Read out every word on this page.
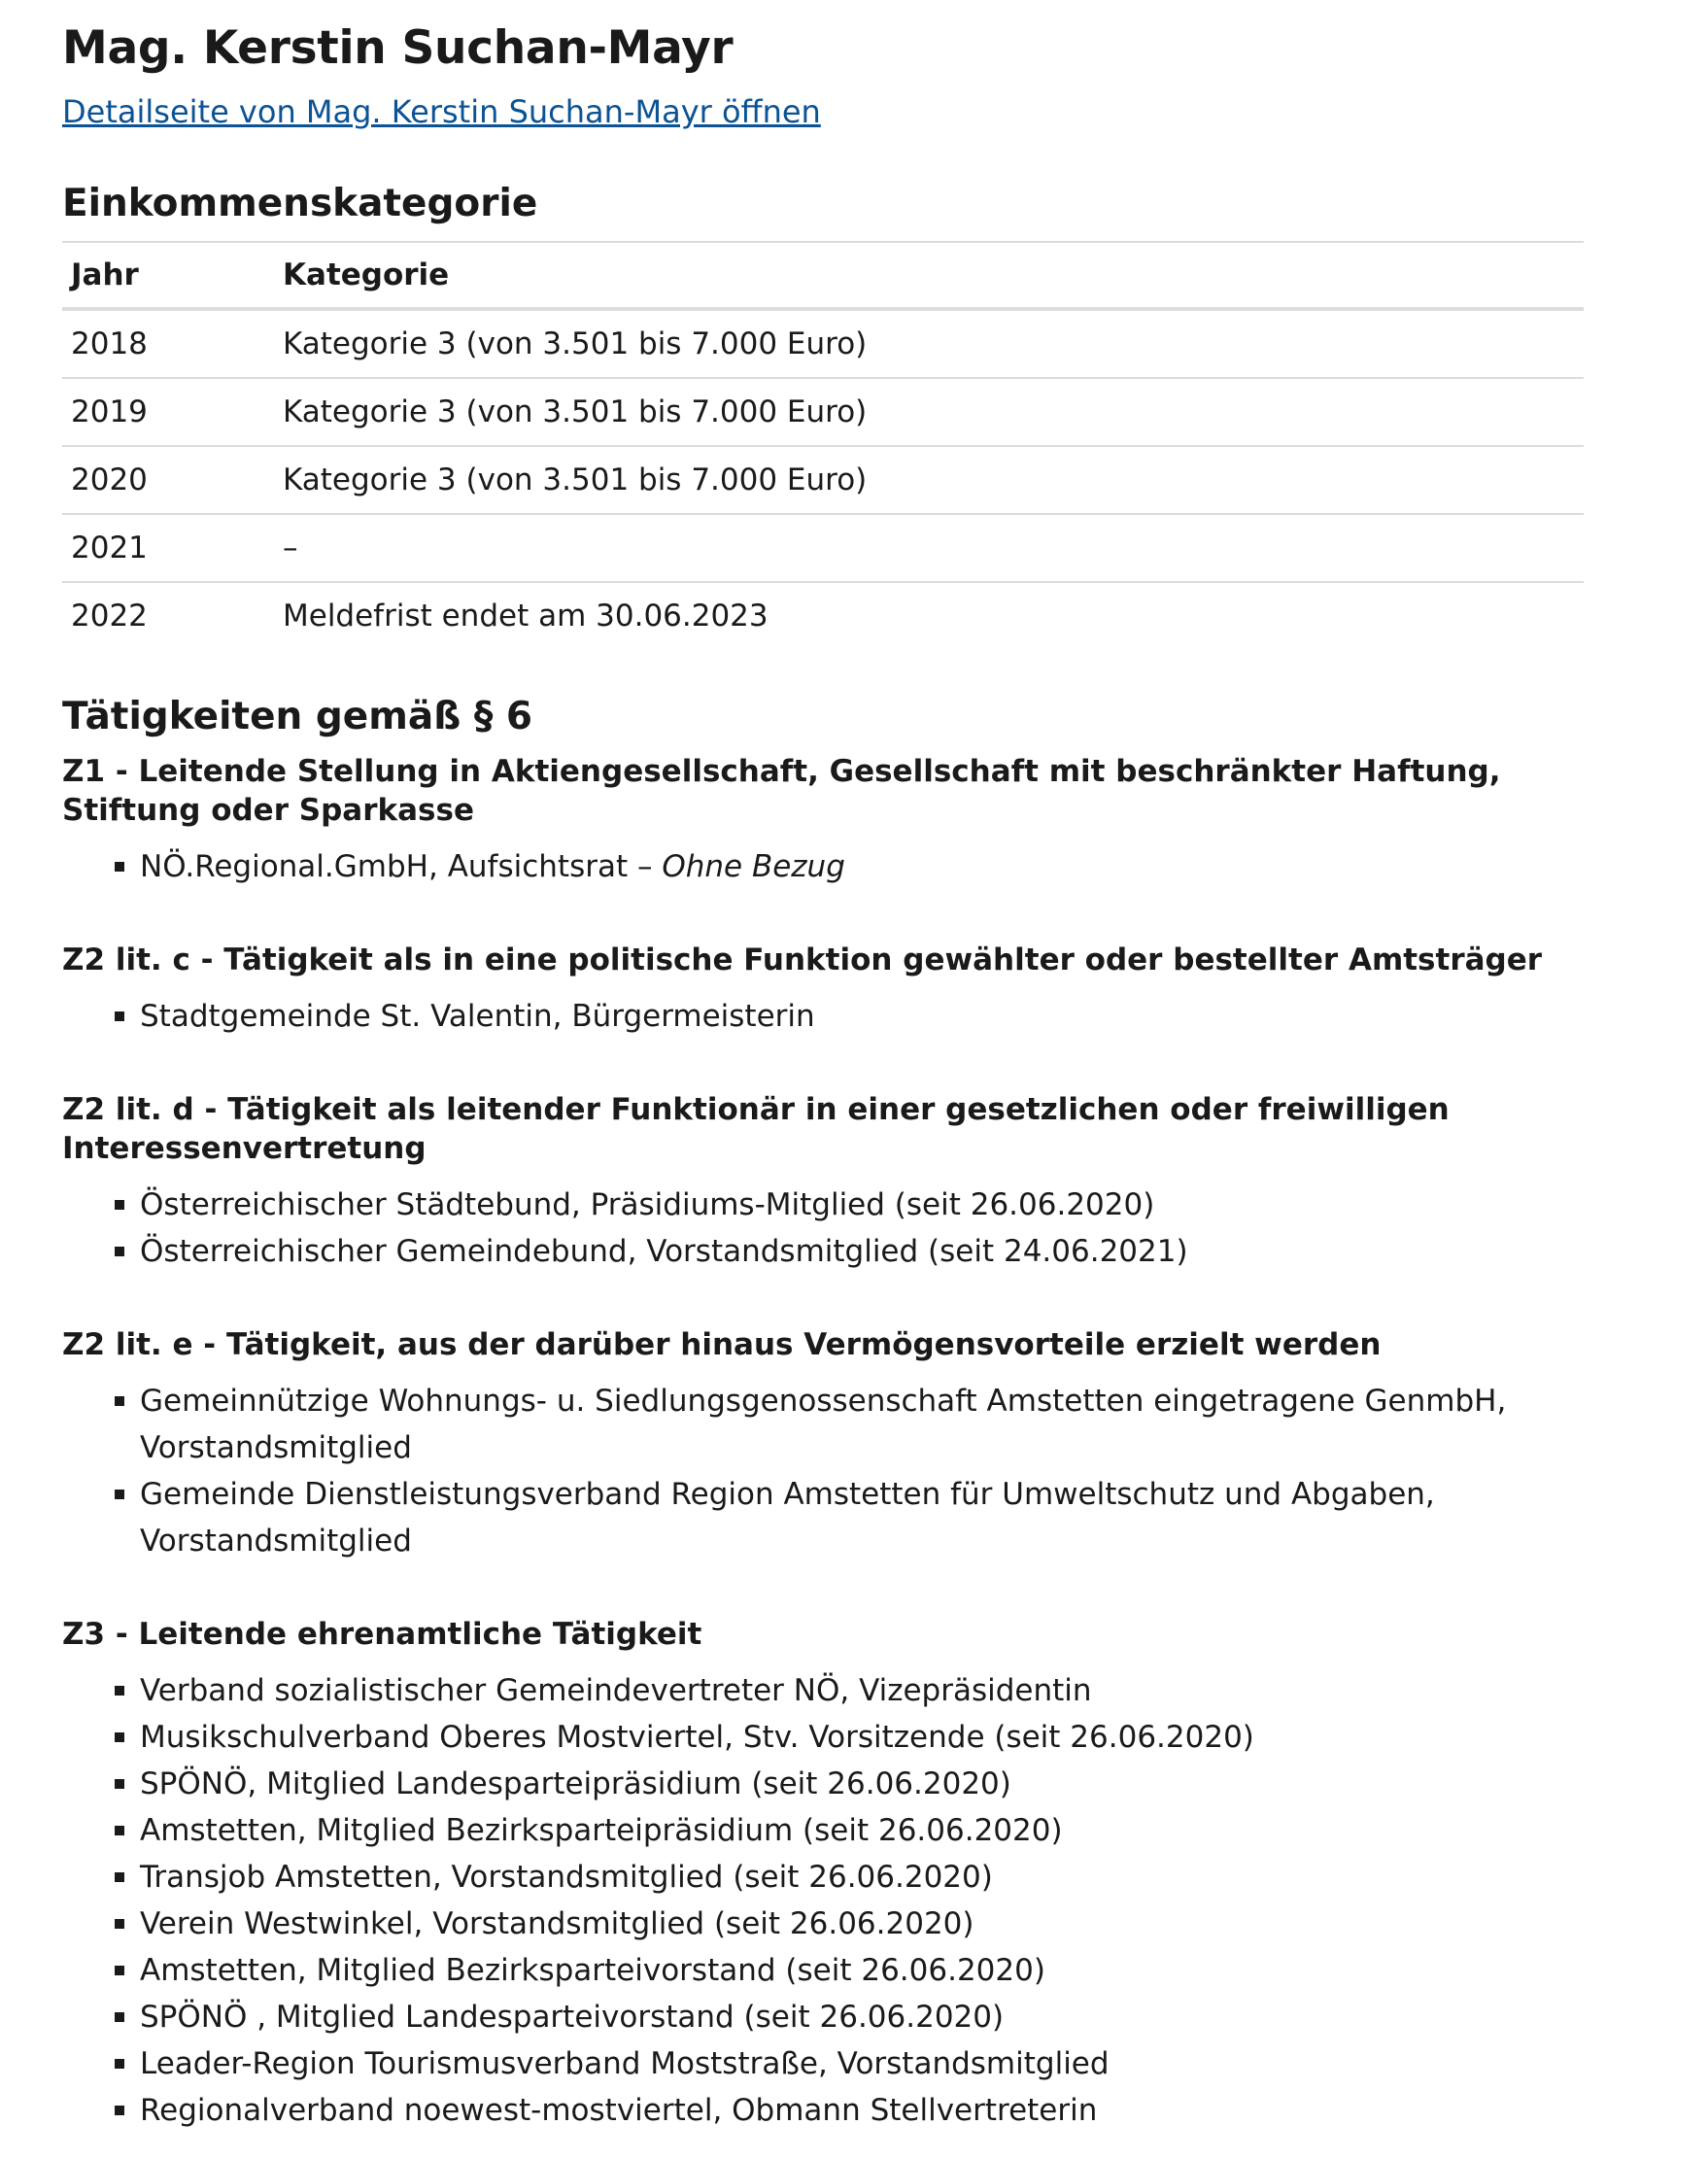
Mag. Kerstin Suchan-Mayr
Detailseite von Mag. Kerstin Suchan-Mayr öffnen
Einkommenskategorie
Jahr	Kategorie
2018	Kategorie 3 (von 3.501 bis 7.000 Euro)
2019	Kategorie 3 (von 3.501 bis 7.000 Euro)
2020	Kategorie 3 (von 3.501 bis 7.000 Euro)
2021	–
2022	Meldefrist endet am 30.06.2023
Tätigkeiten gemäß § 6
Z1 - Leitende Stellung in Aktiengesellschaft, Gesellschaft mit beschränkter Haftung, Stiftung oder Sparkasse
NÖ.Regional.GmbH, Aufsichtsrat – Ohne Bezug
Z2 lit. c - Tätigkeit als in eine politische Funktion gewählter oder bestellter Amtsträger
Stadtgemeinde St. Valentin, Bürgermeisterin
Z2 lit. d - Tätigkeit als leitender Funktionär in einer gesetzlichen oder freiwilligen Interessenvertretung
Österreichischer Städtebund, Präsidiums-Mitglied (seit 26.06.2020)
Österreichischer Gemeindebund, Vorstandsmitglied (seit 24.06.2021)
Z2 lit. e - Tätigkeit, aus der darüber hinaus Vermögensvorteile erzielt werden
Gemeinnützige Wohnungs- u. Siedlungsgenossenschaft Amstetten eingetragene GenmbH, Vorstandsmitglied
Gemeinde Dienstleistungsverband Region Amstetten für Umweltschutz und Abgaben, Vorstandsmitglied
Z3 - Leitende ehrenamtliche Tätigkeit
Verband sozialistischer Gemeindevertreter NÖ, Vizepräsidentin
Musikschulverband Oberes Mostviertel, Stv. Vorsitzende (seit 26.06.2020)
SPÖNÖ, Mitglied Landesparteipräsidium (seit 26.06.2020)
Amstetten, Mitglied Bezirksparteipräsidium (seit 26.06.2020)
Transjob Amstetten, Vorstandsmitglied (seit 26.06.2020)
Verein Westwinkel, Vorstandsmitglied (seit 26.06.2020)
Amstetten, Mitglied Bezirksparteivorstand (seit 26.06.2020)
SPÖNÖ , Mitglied Landesparteivorstand (seit 26.06.2020)
Leader-Region Tourismusverband Moststraße, Vorstandsmitglied
Regionalverband noewest-mostviertel, Obmann Stellvertreterin
